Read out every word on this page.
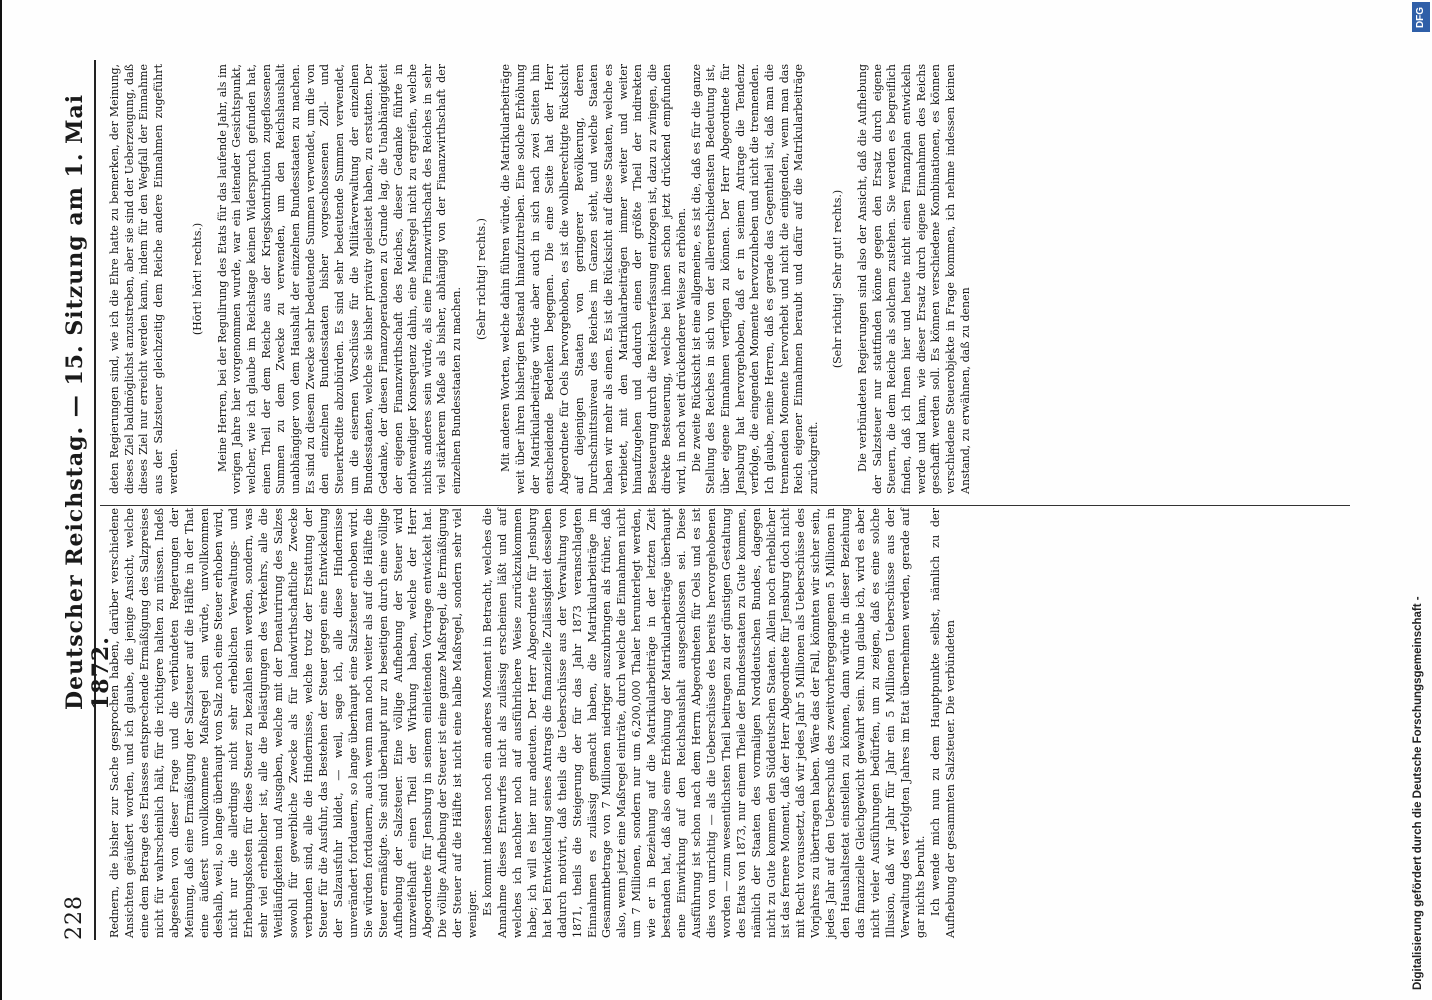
228
Deutscher Reichstag. — 15. Sitzung am 1. Mai 1872.

Rednern, die bisher zur Sache gesprochen haben, darüber verschiedene Ansichten geäußert worden, und ich glaube, die jenige Ansicht, welche eine dem Betrage des Erlasses entsprechende Ermäßigung des Salzpreises nicht für wahrscheinlich hält, für die richtigere halten zu müssen. Indeß abgesehen von dieser Frage und die verbündeten Regierungen der Meinung, daß eine Ermäßigung der Salzsteuer auf die Hälfte in der That eine äußerst unvollkommene Maßregel sein würde, unvollkommen deshalb, weil, so lange überhaupt von Salz noch eine Steuer erhoben wird, nicht nur die allerdings nicht sehr erheblichen Verwaltungs- und Erhebungskosten für diese Steuer zu bezahlen sein werden, sondern, was sehr viel erheblicher ist, alle die Belästigungen des Verkehrs, alle die Weitläufigkeiten und Ausgaben, welche mit der Denaturirung des Salzes sowohl für gewerbliche Zwecke als für landwirthschaftliche Zwecke verbunden sind, alle die Hindernisse, welche trotz der Erstattung der Steuer für die Ausfuhr, das Bestehen der Steuer gegen eine Entwickelung der Salzausfuhr bildet, — weil, sage ich, alle diese Hindernisse unverändert fortdauern, so lange überhaupt eine Salzsteuer erhoben wird. Sie würden fortdauern, auch wenn man noch weiter als auf die Hälfte die Steuer ermäßigte. Sie sind überhaupt nur zu beseitigen durch eine völlige Aufhebung der Salzsteuer. Eine völlige Aufhebung der Steuer wird unzweifelhaft einen Theil der Wirkung haben, welche der Herr Abgeordnete für Jensburg in seinem einleitenden Vortrage entwickelt hat. Die völlige Aufhebung der Steuer ist eine ganze Maßregel, die Ermäßigung der Steuer auf die Hälfte ist nicht eine halbe Maßregel, sondern sehr viel weniger. Es kommt indessen noch ein anderes Moment in Betracht, welches die Annahme dieses Entwurfes nicht als zulässig erscheinen läßt und auf welches ich nachher noch auf ausführlichere Weise zurückzukommen habe; ich will es hier nur andeuten. Der Herr Abgeordnete für Jensburg hat bei Entwickelung seines Antrags die finanzielle Zulässigkeit desselben dadurch motivirt, daß theils die Ueberschüsse aus der Verwaltung von 1871, theils die Steigerung der für das Jahr 1873 veranschlagten Einnahmen es zulässig gemacht haben, die Matrikularbeiträge im Gesammtbetrage von 7 Millionen niedriger auszubringen als früher, daß also, wenn jetzt eine Maßregel einträte, durch welche die Einnahmen nicht um 7 Millionen, sondern nur um 6,200,000 Thaler herunterlegt werden, wie er in Beziehung auf die Matrikularbeiträge in der letzten Zeit bestanden hat, daß also eine Erhöhung der Matrikularbeiträge überhaupt eine Einwirkung auf den Reichshaushalt ausgeschlossen sei. Diese Ausführung ist schon nach dem Herrn Abgeordneten für Oels und es ist dies von unrichtig — als die Ueberschüsse des bereits hervorgehobenen worden — zum wesentlichsten Theil beitragen zu der günstigen Gestaltung des Etats von 1873, nur einem Theile der Bundesstaaten zu Gute kommen, nämlich der Staaten des vormaligen Norddeutschen Bundes, dagegen nicht zu Gute kommen den Süddeutschen Staaten. Allein noch erheblicher ist das fernere Moment, daß der Herr Abgeordnete für Jensburg doch nicht mit Recht voraussetzt, daß wir jedes Jahr 5 Millionen als Ueberschüsse des Vorjahres zu übertragen haben. Wäre das der Fall, könnten wir sicher sein, jedes Jahr auf den Ueberschuß des zweitvorhergegangenen 5 Millionen in den Haushaltsetat einstellen zu können, dann würde in dieser Beziehung das finanzielle Gleichgewicht gewahrt sein. Nun glaube ich, wird es aber nicht vieler Ausführungen bedürfen, um zu zeigen, daß es eine solche Illusion, daß wir Jahr für Jahr ein 5 Millionen Ueberschüsse aus der Verwaltung des verfolgten Jahres im Etat übernehmen werden, gerade auf gar nichts beruht. Ich wende mich nun zu dem Hauptpunkte selbst, nämlich zu der Aufhebung der gesammten Salzsteuer. Die verbündeten

deten Regierungen sind, wie ich die Ehre hatte zu bemerken, der Meinung, dieses Ziel baldmöglichst anzustreben, aber sie sind der Ueberzeugung, daß dieses Ziel nur erreicht werden kann, indem für den Wegfall der Einnahme aus der Salzsteuer gleichzeitig dem Reiche andere Einnahmen zugeführt werden.

(Hört! hört! rechts.) Meine Herren, bei der Regulirung des Etats für das laufende Jahr, als im vorigen Jahre hier vorgenommen wurde, war ein leitender Gesichtspunkt, welcher, wie ich glaube im Reichstage keinen Widerspruch gefunden hat, einen Theil der dem Reiche aus der Kriegskontribution zugeflossenen Summen zu dem Zwecke zu verwenden, um den Reichshaushalt unabhängiger von dem Haushalt der einzelnen Bundesstaaten zu machen. Es sind zu diesem Zwecke sehr bedeutende Summen verwendet, um die von den einzelnen Bundesstaaten bisher vorgeschossenen Zoll- und Steuerkredite abzubürden. Es sind sehr bedeutende Summen verwendet, um die eisernen Vorschüsse für die Militärverwaltung der einzelnen Bundesstaaten, welche sie bisher privativ geleistet haben, zu erstatten. Der Gedanke, der diesen Finanzoperationen zu Grunde lag, die Unabhängigkeit der eigenen Finanzwirthschaft des Reiches, dieser Gedanke führte in nothwendiger Konsequenz dahin, eine Maßregel nicht zu ergreifen, welche nichts anderes sein würde, als eine Finanzwirthschaft des Reiches in sehr viel stärkerem Maße als bisher, abhängig von der Finanzwirthschaft der einzelnen Bundesstaaten zu machen.

(Sehr richtig! rechts.) Mit anderen Worten, welche dahin führen würde, die Matrikularbeiträge weit über ihren bisherigen Bestand hinaufzutreiben. Eine solche Erhöhung der Matrikularbeiträge würde aber auch in sich nach zwei Seiten hin entscheidende Bedenken begegnen. Die eine Seite hat der Herr Abgeordnete für Oels hervorgehoben, es ist die wohlberechtigte Rücksicht auf diejenigen Staaten von geringerer Bevölkerung, deren Durchschnittsniveau des Reiches im Ganzen steht, und welche Staaten haben wir mehr als einen. Es ist die Rücksicht auf diese Staaten, welche es verbietet, mit den Matrikularbeiträgen immer weiter und weiter hinaufzugehen und dadurch einen der größte Theil der indirekten Besteuerung durch die Reichsverfassung entzogen ist, dazu zu zwingen, die direkte Besteuerung, welche bei ihnen schon jetzt drückend empfunden wird, in noch weit drückenderer Weise zu erhöhen. Die zweite Rücksicht ist eine allgemeine, es ist die, daß es für die ganze Stellung des Reiches in sich von der allerentschiedensten Bedeutung ist, über eigene Einnahmen verfügen zu können. Der Herr Abgeordnete für Jensburg hat hervorgehoben, daß er in seinem Antrage die Tendenz verfolge, die eingenden Momente hervorzuheben und nicht die trennenden. Ich glaube, meine Herren, daß es gerade das Gegentheil ist, daß man die trennenden Momente hervorhebt und nicht die einigenden, wenn man das Reich eigener Einnahmen beraubt und dafür auf die Matrikularbeiträge zurückgreift.

(Sehr richtig! Sehr gut! rechts.) Die verbündeten Regierungen sind also der Ansicht, daß die Aufhebung der Salzsteuer nur stattfinden könne gegen den Ersatz durch eigene Steuern, die dem Reiche als solchem zustehen. Sie werden es begreiflich finden, daß ich Ihnen hier und heute nicht einen Finanzplan entwickeln werde und kann, wie dieser Ersatz durch eigene Einnahmen des Reichs geschafft werden soll. Es können verschiedene Kombinationen, es können verschiedene Steuerobjekte in Frage kommen, ich nehme indessen keinen Anstand, zu erwähnen, daß zu denen

DFG
Digitalisierung gefördert durch die Deutsche Forschungsgemeinschaft -
